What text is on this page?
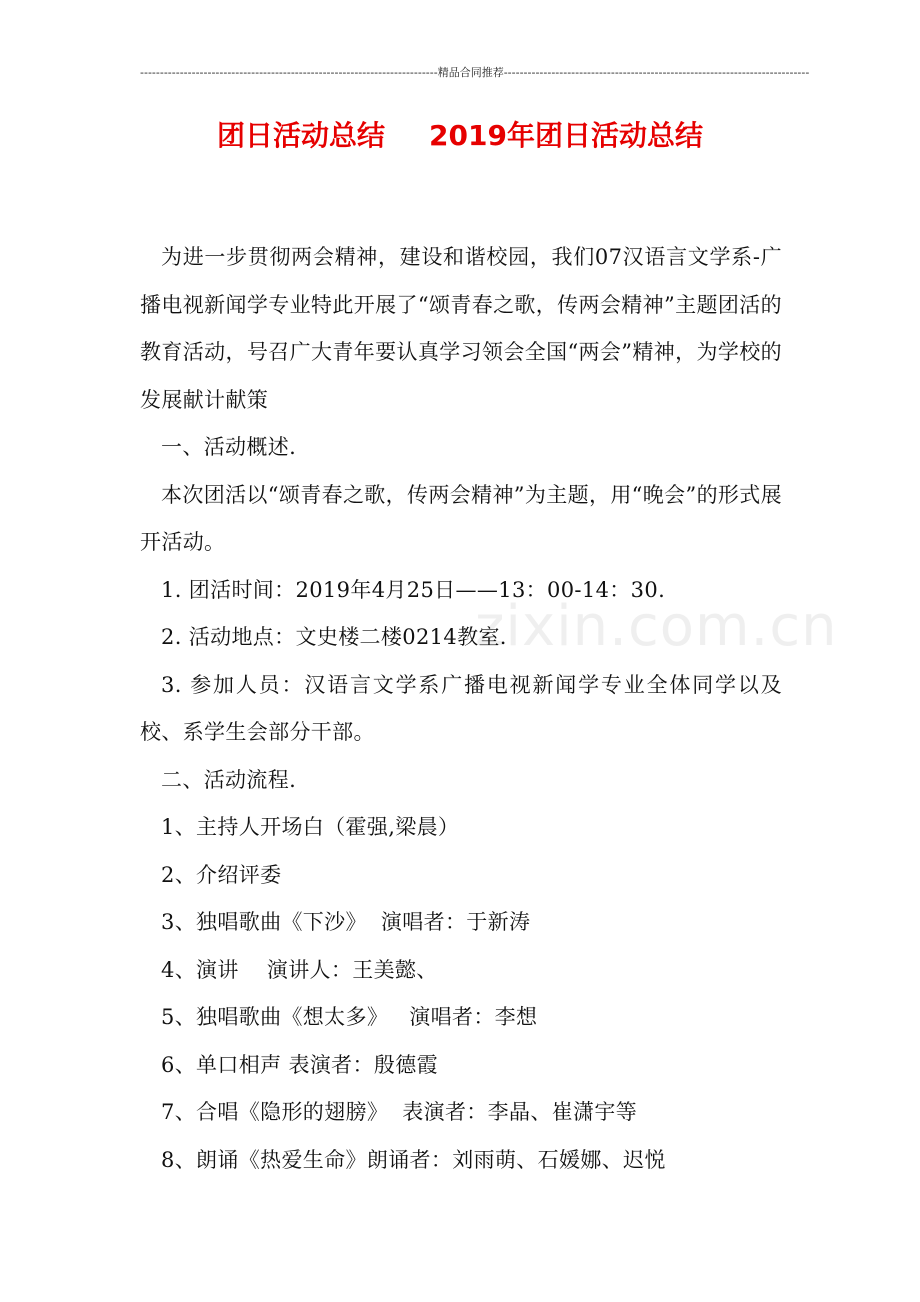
---------------------------------------------------------------------------精品合同推荐-----------------------------------------------------------------------------
团日活动总结 2019年团日活动总结
zixin.com.cn

为进一步贯彻两会精神，建设和谐校园，我们07汉语言文学系-广播电视新闻学专业特此开展了“颂青春之歌，传两会精神”主题团活的教育活动，号召广大青年要认真学习领会全国“两会”精神，为学校的发展献计献策

一、活动概述.

本次团活以“颂青春之歌，传两会精神”为主题，用“晚会”的形式展开活动。

1. 团活时间：2019年4月25日——13：00-14：30.

2. 活动地点：文史楼二楼0214教室.

3. 参加人员：汉语言文学系广播电视新闻学专业全体同学以及校、系学生会部分干部。

二、活动流程.

1、主持人开场白（霍强,梁晨）

2、介绍评委

3、独唱歌曲《下沙》  演唱者：于新涛

4、演讲    演讲人：王美懿、

5、独唱歌曲《想太多》   演唱者：李想

6、单口相声 表演者：殷德霞

7、合唱《隐形的翅膀》  表演者：李晶、崔潇宇等

8、朗诵《热爱生命》朗诵者：刘雨萌、石媛娜、迟悦
